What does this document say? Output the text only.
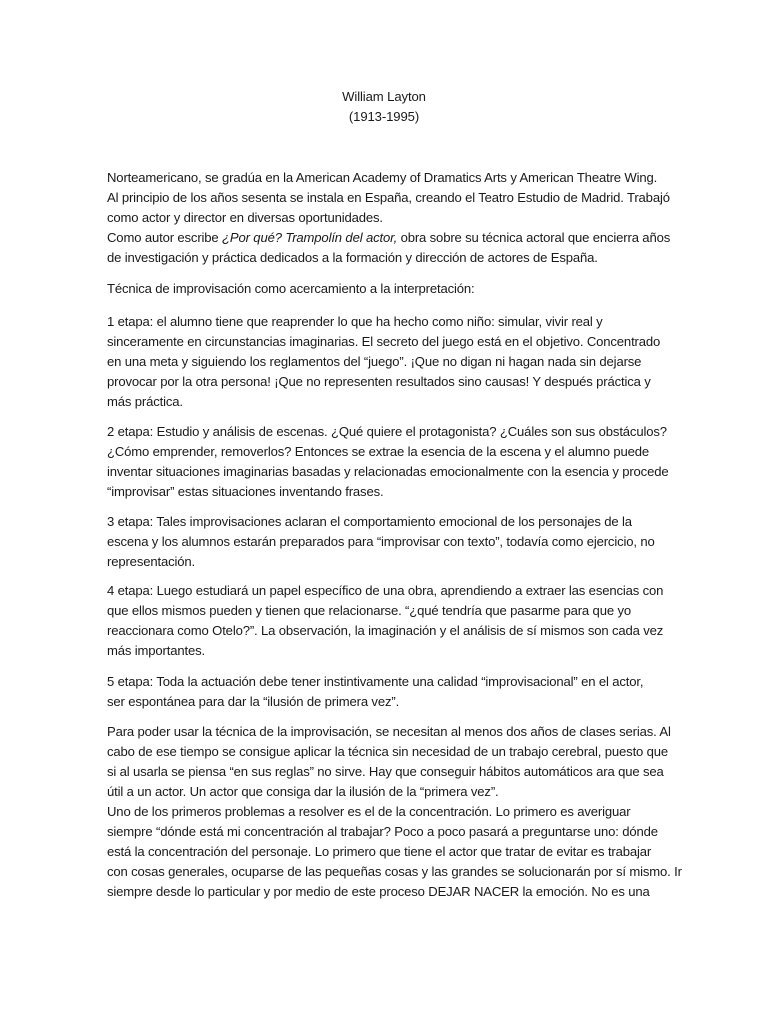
William Layton
(1913-1995)
Norteamericano, se gradúa en la American Academy of Dramatics Arts y American Theatre Wing.
Al principio de los años sesenta se instala en España, creando el Teatro Estudio de Madrid. Trabajó
como actor y director en diversas oportunidades.
Como autor escribe ¿Por qué? Trampolín del actor, obra sobre su técnica actoral que encierra años
de investigación y práctica dedicados a la formación y dirección de actores de España.
Técnica de improvisación como acercamiento a la interpretación:
1 etapa: el alumno tiene que reaprender lo que ha hecho como niño: simular, vivir real y
sinceramente en circunstancias imaginarias. El secreto del juego está en el objetivo. Concentrado
en una meta y siguiendo los reglamentos del “juego”. ¡Que no digan ni hagan nada sin dejarse
provocar por la otra persona! ¡Que no representen resultados sino causas! Y después práctica y
más práctica.
2 etapa: Estudio y análisis de escenas. ¿Qué quiere el protagonista? ¿Cuáles son sus obstáculos?
¿Cómo emprender, removerlos? Entonces se extrae la esencia de la escena y el alumno puede
inventar situaciones imaginarias basadas y relacionadas emocionalmente con la esencia y procede
“improvisar” estas situaciones inventando frases.
3 etapa: Tales improvisaciones aclaran el comportamiento emocional de los personajes de la
escena y los alumnos estarán preparados para “improvisar con texto”, todavía como ejercicio, no
representación.
4 etapa: Luego estudiará un papel específico de una obra, aprendiendo a extraer las esencias con
que ellos mismos pueden y tienen que relacionarse. “¿qué tendría que pasarme para que yo
reaccionara como Otelo?”. La observación, la imaginación y el análisis de sí mismos son cada vez
más importantes.
5 etapa: Toda la actuación debe tener instintivamente una calidad “improvisacional” en el actor,
ser espontánea para dar la “ilusión de primera vez”.
Para poder usar la técnica de la improvisación, se necesitan al menos dos años de clases serias. Al
cabo de ese tiempo se consigue aplicar la técnica sin necesidad de un trabajo cerebral, puesto que
si al usarla se piensa “en sus reglas” no sirve. Hay que conseguir hábitos automáticos ara que sea
útil a un actor. Un actor que consiga dar la ilusión de la “primera vez”.
Uno de los primeros problemas a resolver es el de la concentración. Lo primero es averiguar
siempre “dónde está mi concentración al trabajar? Poco a poco pasará a preguntarse uno: dónde
está la concentración del personaje. Lo primero que tiene el actor que tratar de evitar es trabajar
con cosas generales, ocuparse de las pequeñas cosas y las grandes se solucionarán por sí mismo. Ir
siempre desde lo particular y por medio de este proceso DEJAR NACER la emoción. No es una
